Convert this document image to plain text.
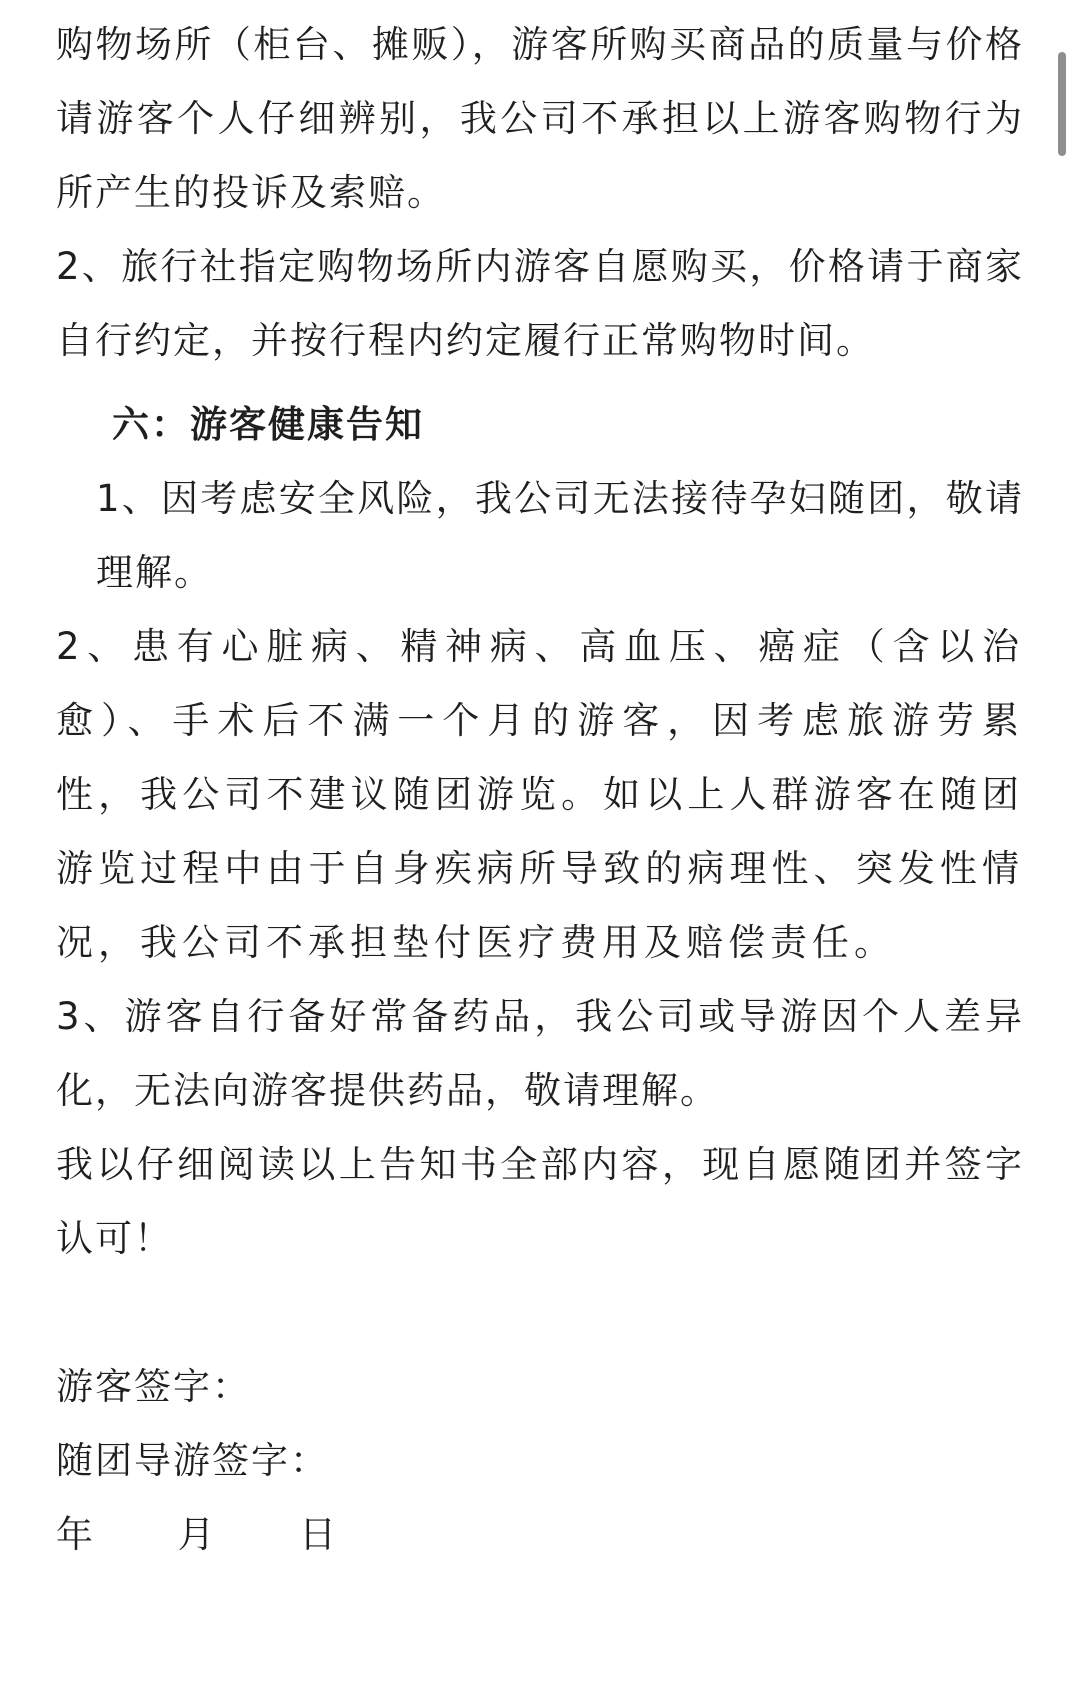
购物场所（柜台、摊贩），游客所购买商品的质量与价格请游客个人仔细辨别，我公司不承担以上游客购物行为所产生的投诉及索赔。

2、旅行社指定购物场所内游客自愿购买，价格请于商家自行约定，并按行程内约定履行正常购物时间。

六：游客健康告知

1、因考虑安全风险，我公司无法接待孕妇随团，敬请理解。

2、患有心脏病、精神病、高血压、癌症（含以治愈）、手术后不满一个月的游客，因考虑旅游劳累性，我公司不建议随团游览。如以上人群游客在随团游览过程中由于自身疾病所导致的病理性、突发性情况，我公司不承担垫付医疗费用及赔偿责任。

3、游客自行备好常备药品，我公司或导游因个人差异化，无法向游客提供药品，敬请理解。

我以仔细阅读以上告知书全部内容，现自愿随团并签字认可！

游客签字：

随团导游签字：

年      月      日
